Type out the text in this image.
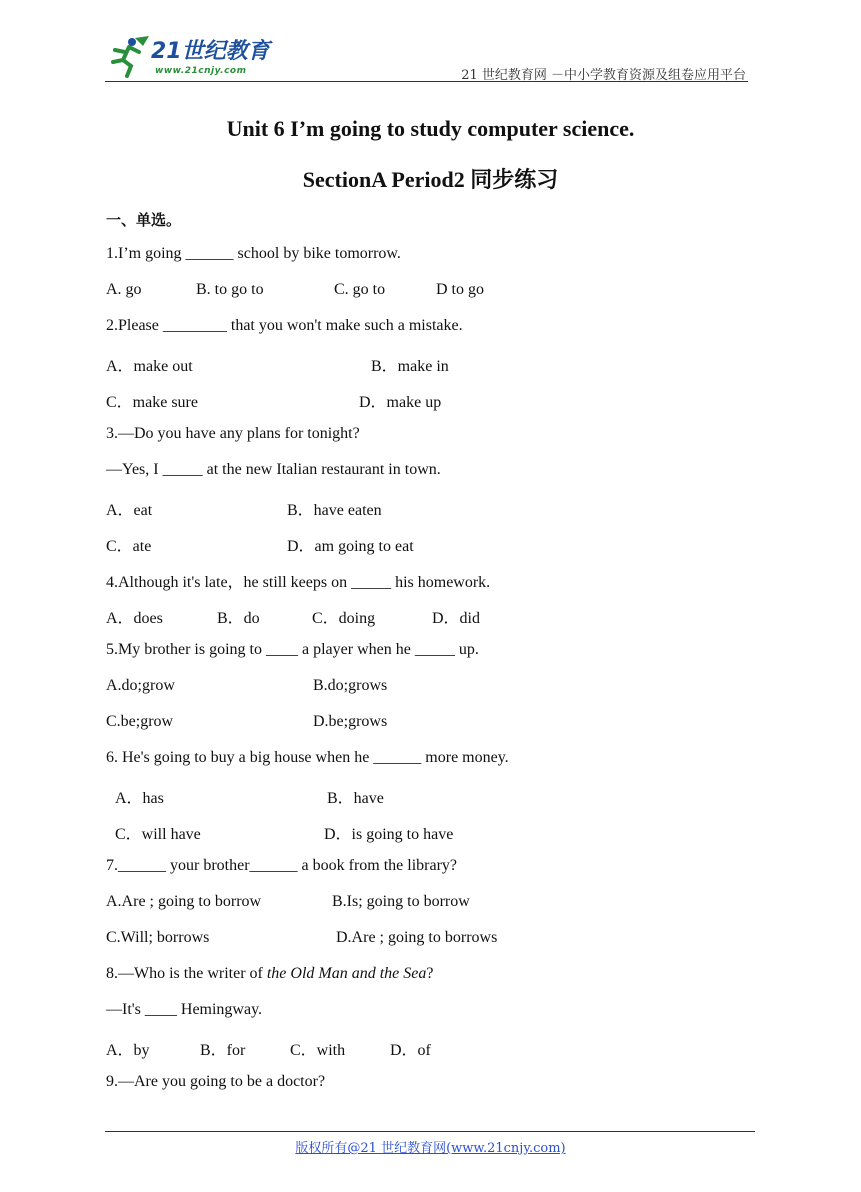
21世纪教育
www.21cnjy.com	21 世纪教育网 －中小学教育资源及组卷应用平台
Unit 6 I’m going to study computer science.
SectionA Period2 同步练习
一、单选。
1.I’m going ______ school by bike tomorrow.
A. go	B. to go to	C. go to	D to go
2.Please ________ that you won't make such a mistake.
A．make out	B．make in
C．make sure	D．make up
3.—Do you have any plans for tonight?
—Yes, I _____ at the new Italian restaurant in town.
A．eat	B．have eaten
C．ate	D．am going to eat
4.Although it's late，he still keeps on _____ his homework.
A．does	B．do	C．doing	D．did
5.My brother is going to ____ a player when he _____ up.
A.do;grow	B.do;grows
C.be;grow	D.be;grows
6. He's going to buy a big house when he ______ more money.
A．has	B．have
C．will have	D．is going to have
7.______ your brother______ a book from the library?
A.Are ; going to borrow	B.Is; going to borrow
C.Will; borrows	D.Are ; going to borrows
8.—Who is the writer of the Old Man and the Sea?
—It's ____ Hemingway.
A．by	B．for	C．with	D．of
9.—Are you going to be a doctor?
版权所有@21 世纪教育网(www.21cnjy.com)
